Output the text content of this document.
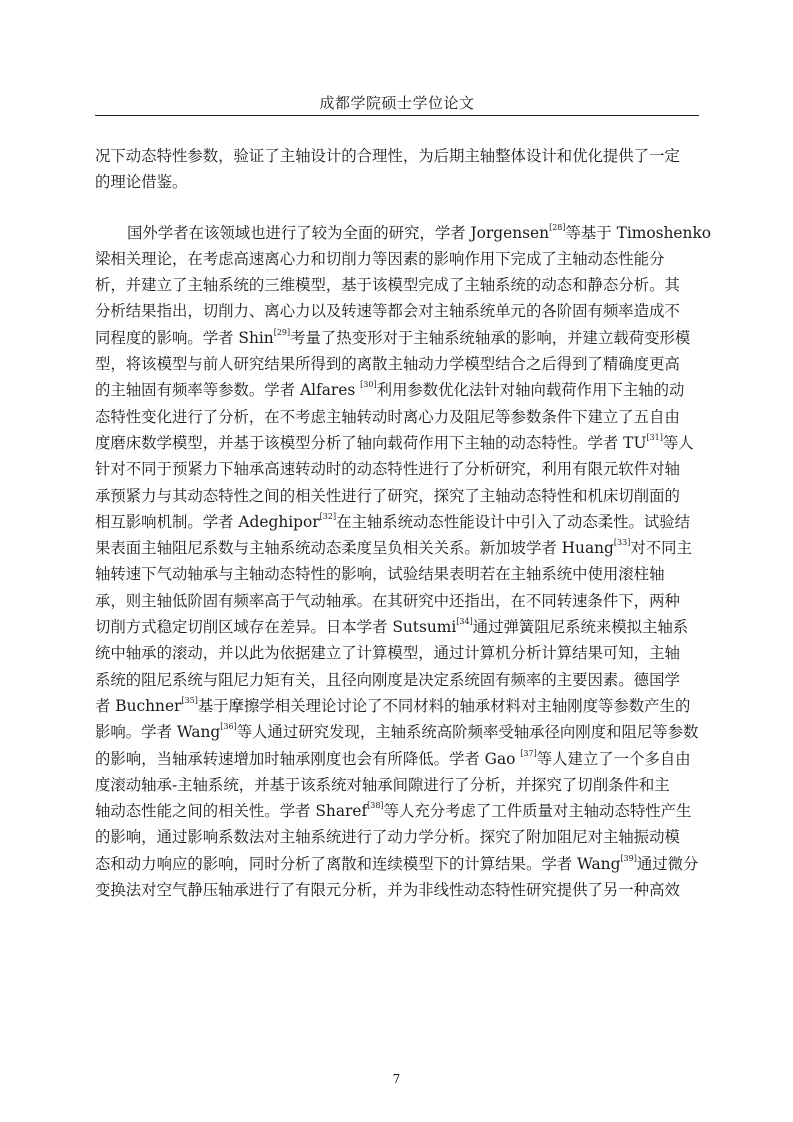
成都学院硕士学位论文
况下动态特性参数，验证了主轴设计的合理性，为后期主轴整体设计和优化提供了一定
的理论借鉴。
国外学者在该领域也进行了较为全面的研究，学者 Jorgensen[28]等基于 Timoshenko
梁相关理论，在考虑高速离心力和切削力等因素的影响作用下完成了主轴动态性能分
析，并建立了主轴系统的三维模型，基于该模型完成了主轴系统的动态和静态分析。其
分析结果指出，切削力、离心力以及转速等都会对主轴系统单元的各阶固有频率造成不
同程度的影响。学者 Shin[29]考量了热变形对于主轴系统轴承的影响，并建立载荷变形模
型，将该模型与前人研究结果所得到的离散主轴动力学模型结合之后得到了精确度更高
的主轴固有频率等参数。学者 Alfares [30]利用参数优化法针对轴向载荷作用下主轴的动
态特性变化进行了分析，在不考虑主轴转动时离心力及阻尼等参数条件下建立了五自由
度磨床数学模型，并基于该模型分析了轴向载荷作用下主轴的动态特性。学者 TU[31]等人
针对不同于预紧力下轴承高速转动时的动态特性进行了分析研究，利用有限元软件对轴
承预紧力与其动态特性之间的相关性进行了研究，探究了主轴动态特性和机床切削面的
相互影响机制。学者 Adeghipor[32]在主轴系统动态性能设计中引入了动态柔性。试验结
果表面主轴阻尼系数与主轴系统动态柔度呈负相关关系。新加坡学者 Huang[33]对不同主
轴转速下气动轴承与主轴动态特性的影响，试验结果表明若在主轴系统中使用滚柱轴
承，则主轴低阶固有频率高于气动轴承。在其研究中还指出，在不同转速条件下，两种
切削方式稳定切削区域存在差异。日本学者 Sutsumi[34]通过弹簧阻尼系统来模拟主轴系
统中轴承的滚动，并以此为依据建立了计算模型，通过计算机分析计算结果可知，主轴
系统的阻尼系统与阻尼力矩有关，且径向刚度是决定系统固有频率的主要因素。德国学
者 Buchner[35]基于摩擦学相关理论讨论了不同材料的轴承材料对主轴刚度等参数产生的
影响。学者 Wang[36]等人通过研究发现，主轴系统高阶频率受轴承径向刚度和阻尼等参数
的影响，当轴承转速增加时轴承刚度也会有所降低。学者 Gao [37]等人建立了一个多自由
度滚动轴承-主轴系统，并基于该系统对轴承间隙进行了分析，并探究了切削条件和主
轴动态性能之间的相关性。学者 Sharef[38]等人充分考虑了工件质量对主轴动态特性产生
的影响，通过影响系数法对主轴系统进行了动力学分析。探究了附加阻尼对主轴振动模
态和动力响应的影响，同时分析了离散和连续模型下的计算结果。学者 Wang[39]通过微分
变换法对空气静压轴承进行了有限元分析，并为非线性动态特性研究提供了另一种高效
7
